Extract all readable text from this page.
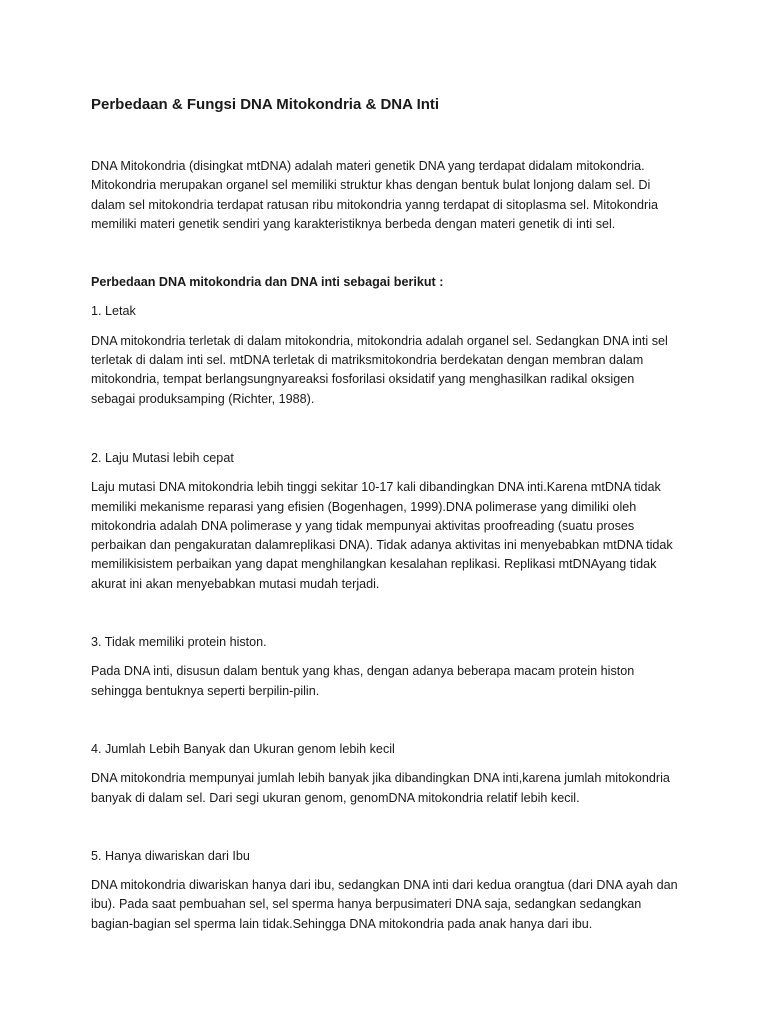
Perbedaan & Fungsi DNA Mitokondria & DNA Inti

DNA Mitokondria (disingkat mtDNA) adalah materi genetik DNA yang terdapat didalam mitokondria. Mitokondria merupakan organel sel memiliki struktur khas dengan bentuk bulat lonjong dalam sel. Di dalam sel mitokondria terdapat ratusan ribu mitokondria yanng terdapat di sitoplasma sel. Mitokondria memiliki materi genetik sendiri yang karakteristiknya berbeda dengan materi genetik di inti sel.

Perbedaan DNA mitokondria dan DNA inti sebagai berikut :

1. Letak

DNA mitokondria terletak di dalam mitokondria, mitokondria adalah organel sel. Sedangkan DNA inti sel terletak di dalam inti sel. mtDNA terletak di matriksmitokondria berdekatan dengan membran dalam mitokondria, tempat berlangsungnyareaksi fosforilasi oksidatif yang menghasilkan radikal oksigen sebagai produksamping (Richter, 1988).

2. Laju Mutasi lebih cepat

Laju mutasi DNA mitokondria lebih tinggi sekitar 10-17 kali dibandingkan DNA inti.Karena mtDNA tidak memiliki mekanisme reparasi yang efisien (Bogenhagen, 1999).DNA polimerase yang dimiliki oleh mitokondria adalah DNA polimerase y yang tidak mempunyai aktivitas proofreading (suatu proses perbaikan dan pengakuratan dalamreplikasi DNA). Tidak adanya aktivitas ini menyebabkan mtDNA tidak memilikisistem perbaikan yang dapat menghilangkan kesalahan replikasi. Replikasi mtDNAyang tidak akurat ini akan menyebabkan mutasi mudah terjadi.

3. Tidak memiliki protein histon.

Pada DNA inti, disusun dalam bentuk yang khas, dengan adanya beberapa macam protein histon sehingga bentuknya seperti berpilin-pilin.

4. Jumlah Lebih Banyak dan Ukuran genom lebih kecil

DNA mitokondria mempunyai jumlah lebih banyak jika dibandingkan DNA inti,karena jumlah mitokondria banyak di dalam sel. Dari segi ukuran genom, genomDNA mitokondria relatif lebih kecil.

5. Hanya diwariskan dari Ibu

DNA mitokondria diwariskan hanya dari ibu, sedangkan DNA inti dari kedua orangtua (dari DNA ayah dan ibu). Pada saat pembuahan sel, sel sperma hanya berpusimateri DNA saja, sedangkan sedangkan bagian-bagian sel sperma lain tidak.Sehingga DNA mitokondria pada anak hanya dari ibu.
